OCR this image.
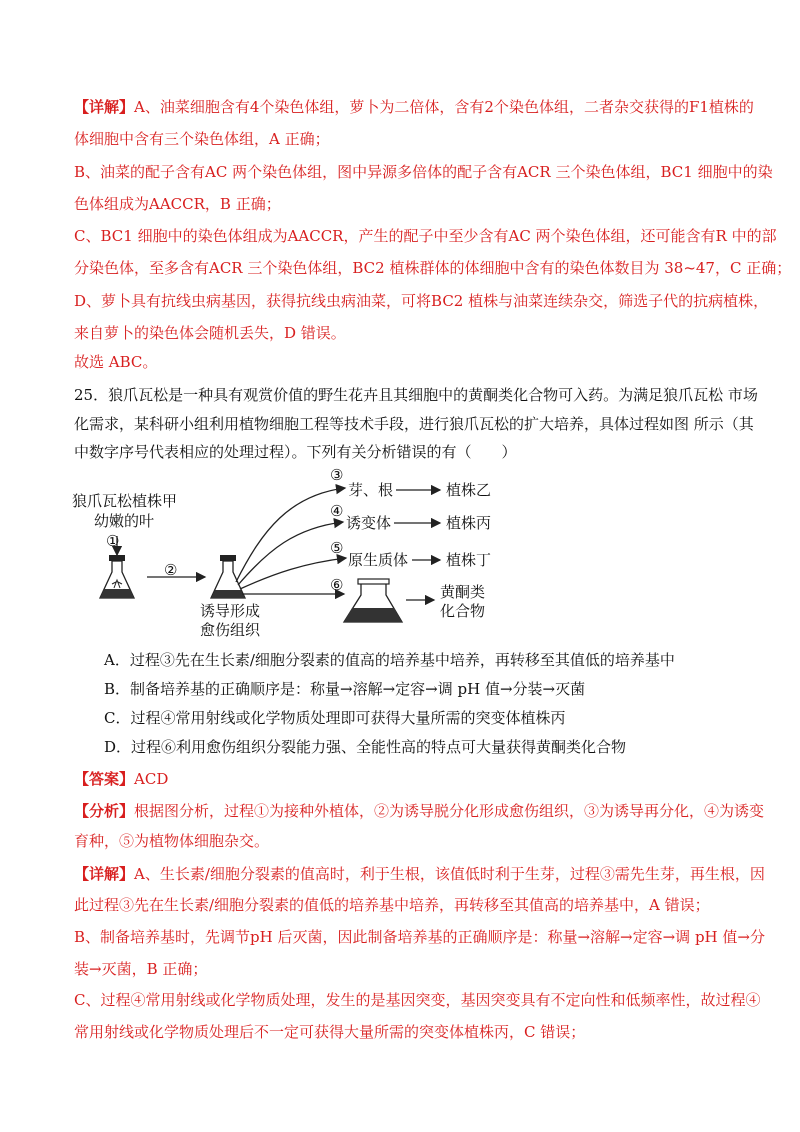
【详解】A、油菜细胞含有4个染色体组，萝卜为二倍体，含有2个染色体组，二者杂交获得的F1植株的
体细胞中含有三个染色体组，A 正确；
B、油菜的配子含有AC 两个染色体组，图中异源多倍体的配子含有ACR 三个染色体组，BC1 细胞中的染
色体组成为AACCR，B 正确；
C、BC1 细胞中的染色体组成为AACCR，产生的配子中至少含有AC 两个染色体组，还可能含有R 中的部
分染色体，至多含有ACR 三个染色体组，BC2 植株群体的体细胞中含有的染色体数目为 38~47，C 正确；
D、萝卜具有抗线虫病基因，获得抗线虫病油菜，可将BC2 植株与油菜连续杂交，筛选子代的抗病植株，
来自萝卜的染色体会随机丢失，D 错误。
故选 ABC。
25．狼爪瓦松是一种具有观赏价值的野生花卉且其细胞中的黄酮类化合物可入药。为满足狼爪瓦松 市场
化需求，某科研小组利用植物细胞工程等技术手段，进行狼爪瓦松的扩大培养，具体过程如图 所示（其
中数字序号代表相应的处理过程）。下列有关分析错误的有（　　）
狼爪瓦松植株甲
幼嫩的叶
①
②
诱导形成
愈伤组织
③
芽、根	植株乙
④
诱变体	植株丙
⑤
原生质体	植株丁
⑥	黄酮类
化合物
A．过程③先在生长素/细胞分裂素的值高的培养基中培养，再转移至其值低的培养基中
B．制备培养基的正确顺序是：称量→溶解→定容→调 pH 值→分装→灭菌
C．过程④常用射线或化学物质处理即可获得大量所需的突变体植株丙
D．过程⑥利用愈伤组织分裂能力强、全能性高的特点可大量获得黄酮类化合物
【答案】ACD
【分析】根据图分析，过程①为接种外植体，②为诱导脱分化形成愈伤组织，③为诱导再分化，④为诱变
育种，⑤为植物体细胞杂交。
【详解】A、生长素/细胞分裂素的值高时，利于生根，该值低时利于生芽，过程③需先生芽，再生根，因
此过程③先在生长素/细胞分裂素的值低的培养基中培养，再转移至其值高的培养基中，A 错误；
B、制备培养基时，先调节pH 后灭菌，因此制备培养基的正确顺序是：称量→溶解→定容→调 pH 值→分
装→灭菌，B 正确；
C、过程④常用射线或化学物质处理，发生的是基因突变，基因突变具有不定向性和低频率性，故过程④
常用射线或化学物质处理后不一定可获得大量所需的突变体植株丙，C 错误；
